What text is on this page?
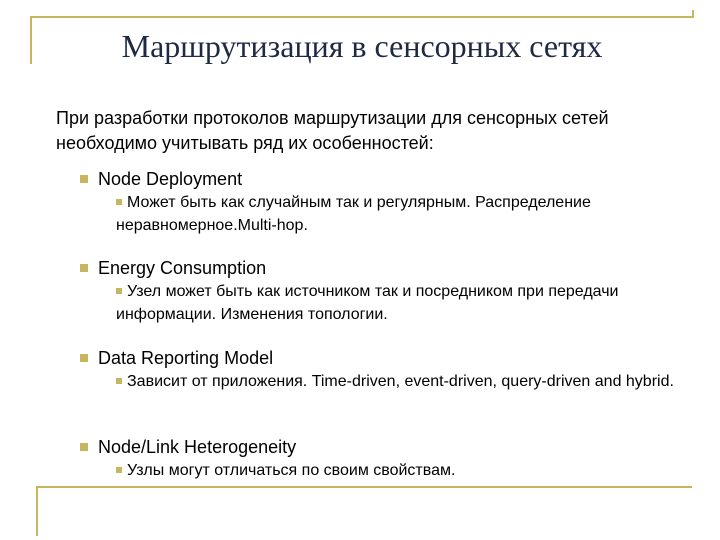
Маршрутизация в сенсорных сетях
При разработки протоколов маршрутизации для сенсорных сетей необходимо учитывать ряд их особенностей:
Node Deployment
Может быть как случайным так и регулярным. Распределение неравномерное.Multi-hop.
Energy Consumption
Узел может быть как источником так и посредником при передачи информации. Изменения топологии.
Data Reporting Model
Зависит от приложения. Time-driven, event-driven, query-driven and hybrid.
Node/Link Heterogeneity
Узлы могут отличаться по своим свойствам.
